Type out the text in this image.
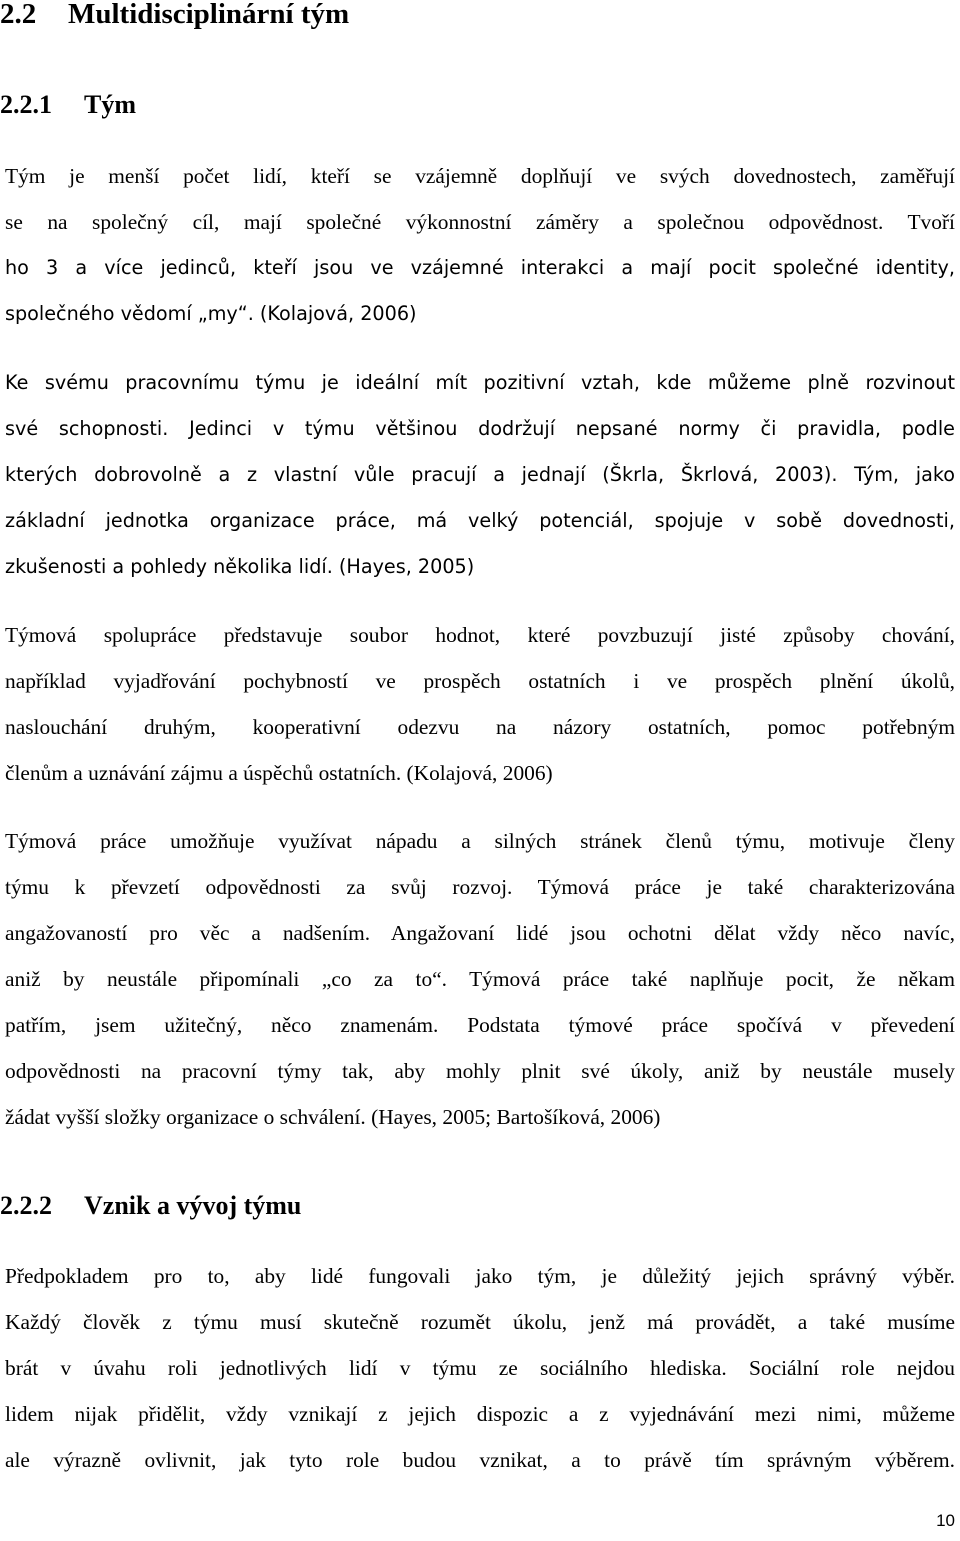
2.2 Multidisciplinární tým
2.2.1 Tým
Tým je menší počet lidí, kteří se vzájemně doplňují ve svých dovednostech, zaměřují
se na společný cíl, mají společné výkonnostní záměry a společnou odpovědnost. Tvoří
ho 3 a více jedinců, kteří jsou ve vzájemné interakci a mají pocit společné identity,
společného vědomí „my“. (Kolajová, 2006)
Ke svému pracovnímu týmu je ideální mít pozitivní vztah, kde můžeme plně rozvinout
své schopnosti. Jedinci v týmu většinou dodržují nepsané normy či pravidla, podle
kterých dobrovolně a z vlastní vůle pracují a jednají (Škrla, Škrlová, 2003). Tým, jako
základní jednotka organizace práce, má velký potenciál, spojuje v sobě dovednosti,
zkušenosti a pohledy několika lidí. (Hayes, 2005)
Týmová spolupráce představuje soubor hodnot, které povzbuzují jisté způsoby chování,
například vyjadřování pochybností ve prospěch ostatních i ve prospěch plnění úkolů,
naslouchání druhým, kooperativní odezvu na názory ostatních, pomoc potřebným
členům a uznávání zájmu a úspěchů ostatních. (Kolajová, 2006)
Týmová práce umožňuje využívat nápadu a silných stránek členů týmu, motivuje členy
týmu k převzetí odpovědnosti za svůj rozvoj. Týmová práce je také charakterizována
angažovaností pro věc a nadšením. Angažovaní lidé jsou ochotni dělat vždy něco navíc,
aniž by neustále připomínali „co za to“. Týmová práce také naplňuje pocit, že někam
patřím, jsem užitečný, něco znamenám. Podstata týmové práce spočívá v převedení
odpovědnosti na pracovní týmy tak, aby mohly plnit své úkoly, aniž by neustále musely
žádat vyšší složky organizace o schválení. (Hayes, 2005; Bartošíková, 2006)
2.2.2 Vznik a vývoj týmu
Předpokladem pro to, aby lidé fungovali jako tým, je důležitý jejich správný výběr.
Každý člověk z týmu musí skutečně rozumět úkolu, jenž má provádět, a také musíme
brát v úvahu roli jednotlivých lidí v týmu ze sociálního hlediska. Sociální role nejdou
lidem nijak přidělit, vždy vznikají z jejich dispozic a z vyjednávání mezi nimi, můžeme
ale výrazně ovlivnit, jak tyto role budou vznikat, a to právě tím správným výběrem.
10
